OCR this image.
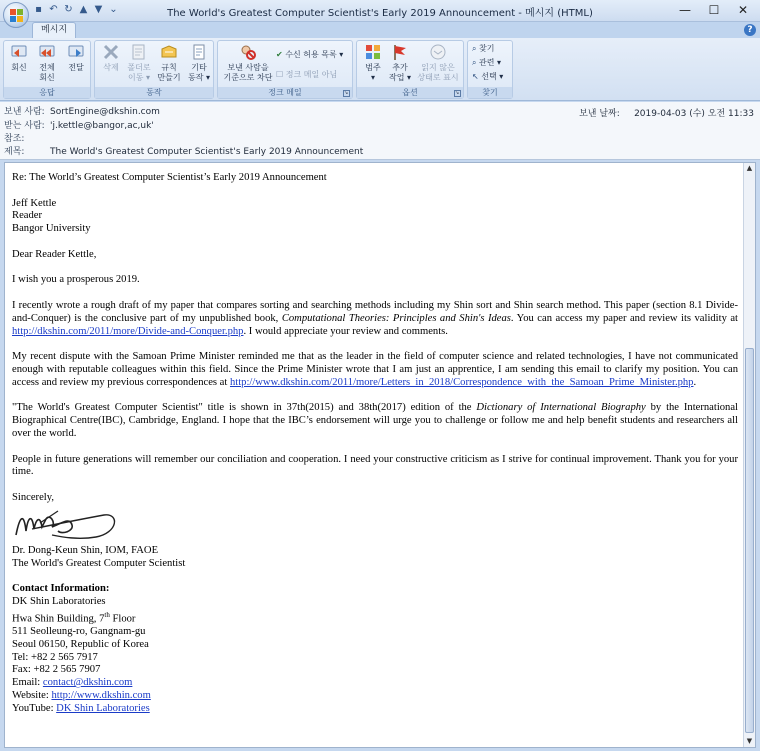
▪ ↶ ↻ ▲ ▼ ⌄	The World's Greatest Computer Scientist's Early 2019 Announcement - 메시지 (HTML)	—	☐	✕
메시지	?
회신	전체
회신
전달
응답
삭제	폴더로
이동 ▾
규칙
만들기
기타
동작 ▾
동작
보낸 사람을
기준으로 차단
✔ 수신 허용 목록 ▾
☐ 정크 메일 아님
정크 메일	↘
범주
▾
추가
작업 ▾
읽지 않은
상태로 표시
옵션	↘
⌕ 찾기
⌕ 관련 ▾
↖ 선택 ▾
찾기
보낸 사람: SortEngine@dkshin.com
받는 사람: 'j.kettle@bangor,ac,uk'
참조:
제목:	The World's Greatest Computer Scientist's Early 2019 Announcement
보낸 날짜: 2019-04-03 (수) 오전 11:33

Re: The World’s Greatest Computer Scientist’s Early 2019 Announcement

Jeff Kettle

Reader

Bangor University

Dear Reader Kettle,

I wish you a prosperous 2019.

I recently wrote a rough draft of my paper that compares sorting and searching methods including my Shin sort and Shin search method. This paper (section 8.1 Divide-and-Conquer) is the conclusive part of my unpublished book, Computational Theories: Principles and Shin's Ideas. You can access my paper and review its validity at http://dkshin.com/2011/more/Divide-and-Conquer.php. I would appreciate your review and comments.

My recent dispute with the Samoan Prime Minister reminded me that as the leader in the field of computer science and related technologies, I have not communicated enough with reputable colleagues within this field. Since the Prime Minister wrote that I am just an apprentice, I am sending this email to clarify my position. You can access and review my previous correspondences at http://www.dkshin.com/2011/more/Letters_in_2018/Correspondence_with_the_Samoan_Prime_Minister.php.

"The World's Greatest Computer Scientist" title is shown in 37th(2015) and 38th(2017) edition of the Dictionary of International Biography by the International Biographical Centre(IBC), Cambridge, England. I hope that the IBC’s endorsement will urge you to challenge or follow me and help benefit students and researchers all over the world.

People in future generations will remember our conciliation and cooperation. I need your constructive criticism as I strive for continual improvement. Thank you for your time.

Sincerely,

Dr. Dong-Keun Shin, IOM, FAOE

The World's Greatest Computer Scientist

Contact Information:

DK Shin Laboratories

Hwa Shin Building, 7th Floor

511 Seolleung-ro, Gangnam-gu

Seoul 06150, Republic of Korea

Tel: +82 2 565 7917

Fax: +82 2 565 7907

Email: contact@dkshin.com

Website: http://www.dkshin.com

YouTube: DK Shin Laboratories

▲
▼
